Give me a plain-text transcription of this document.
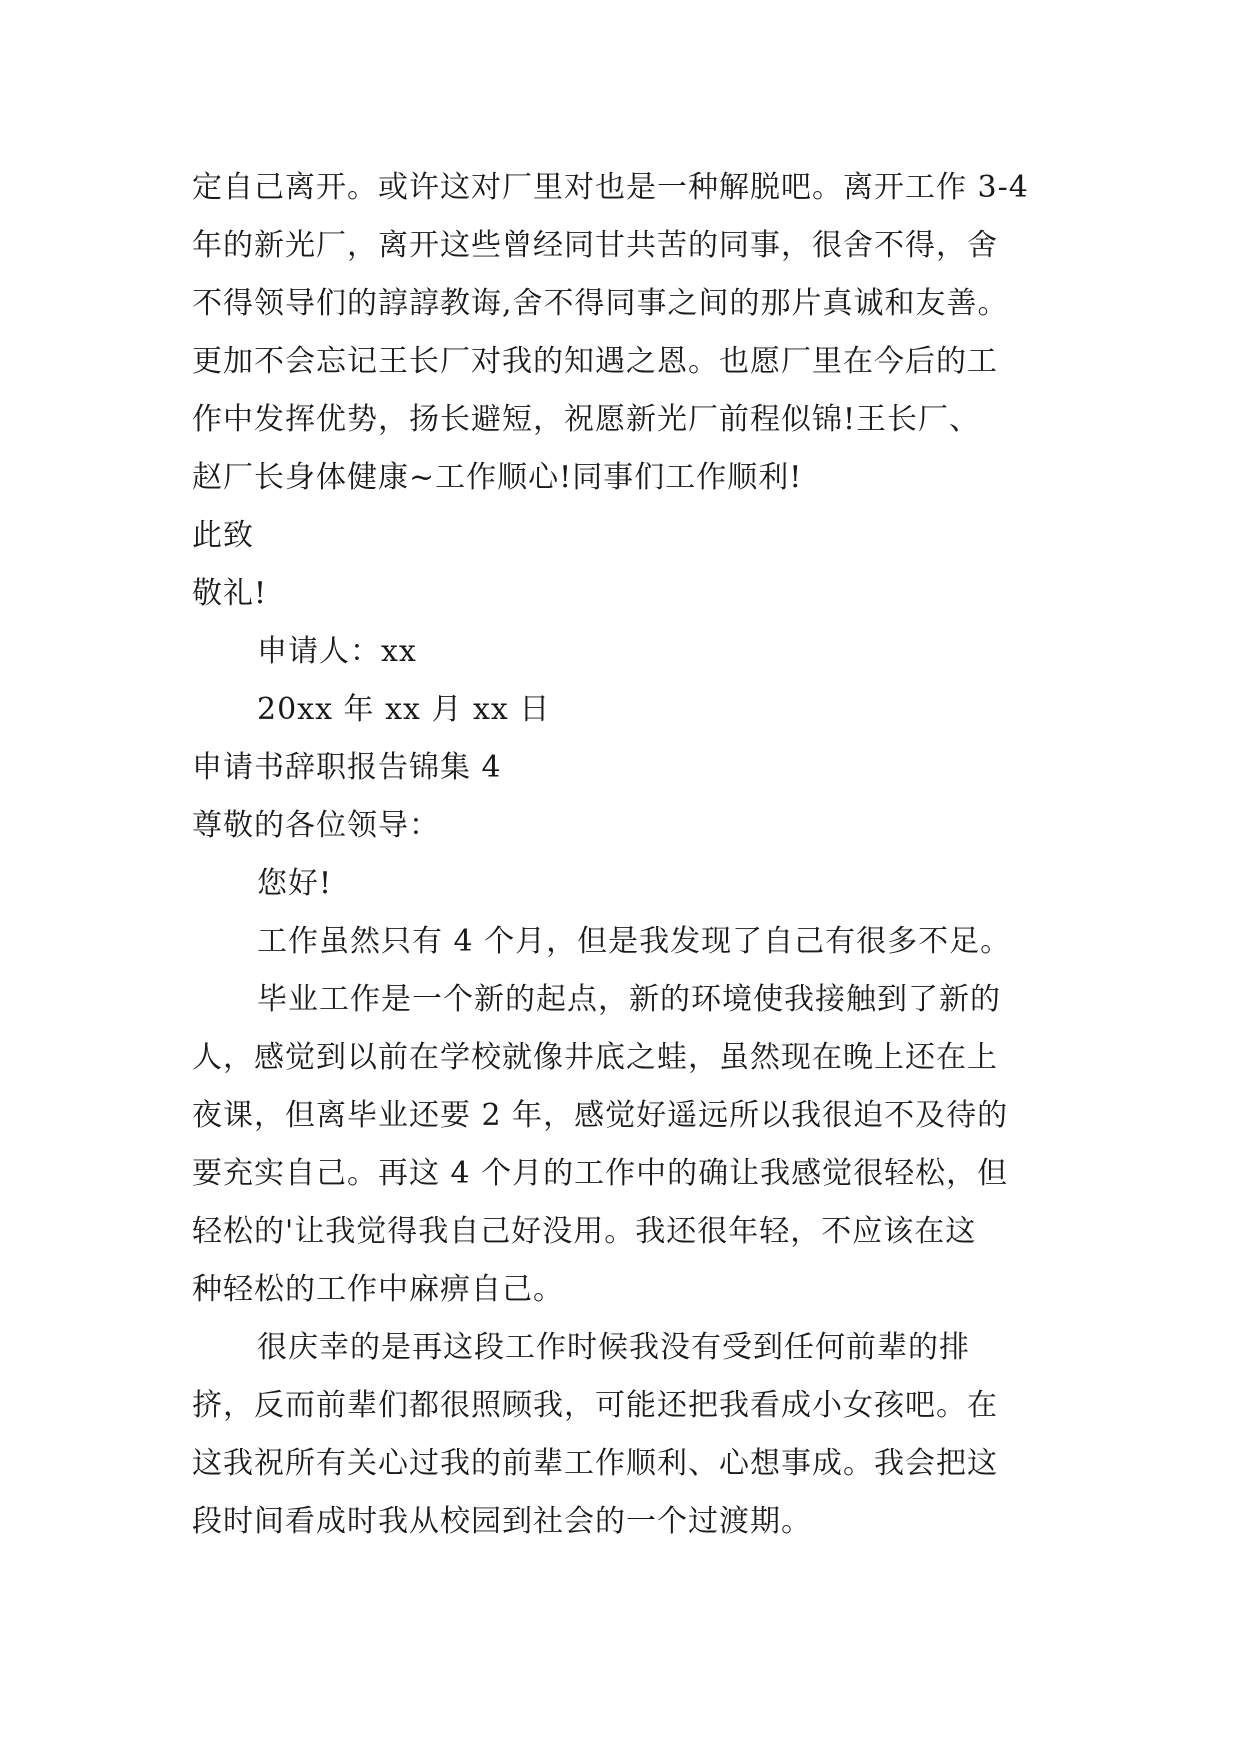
定自己离开。或许这对厂里对也是一种解脱吧。离开工作 3-4
年的新光厂，离开这些曾经同甘共苦的同事，很舍不得，舍
不得领导们的諄諄教诲,舍不得同事之间的那片真诚和友善。
更加不会忘记王长厂对我的知遇之恩。也愿厂里在今后的工
作中发挥优势，扬长避短，祝愿新光厂前程似锦!王长厂、
赵厂长身体健康~工作顺心!同事们工作顺利!
此致
敬礼!
申请人：xx
20xx 年 xx 月 xx 日
申请书辞职报告锦集 4
尊敬的各位领导：
您好!
工作虽然只有 4 个月，但是我发现了自己有很多不足。
毕业工作是一个新的起点，新的环境使我接触到了新的
人，感觉到以前在学校就像井底之蛙，虽然现在晚上还在上
夜课，但离毕业还要 2 年，感觉好遥远所以我很迫不及待的
要充实自己。再这 4 个月的工作中的确让我感觉很轻松，但
轻松的'让我觉得我自己好没用。我还很年轻，不应该在这
种轻松的工作中麻痹自己。
很庆幸的是再这段工作时候我没有受到任何前辈的排
挤，反而前辈们都很照顾我，可能还把我看成小女孩吧。在
这我祝所有关心过我的前辈工作顺利、心想事成。我会把这
段时间看成时我从校园到社会的一个过渡期。
